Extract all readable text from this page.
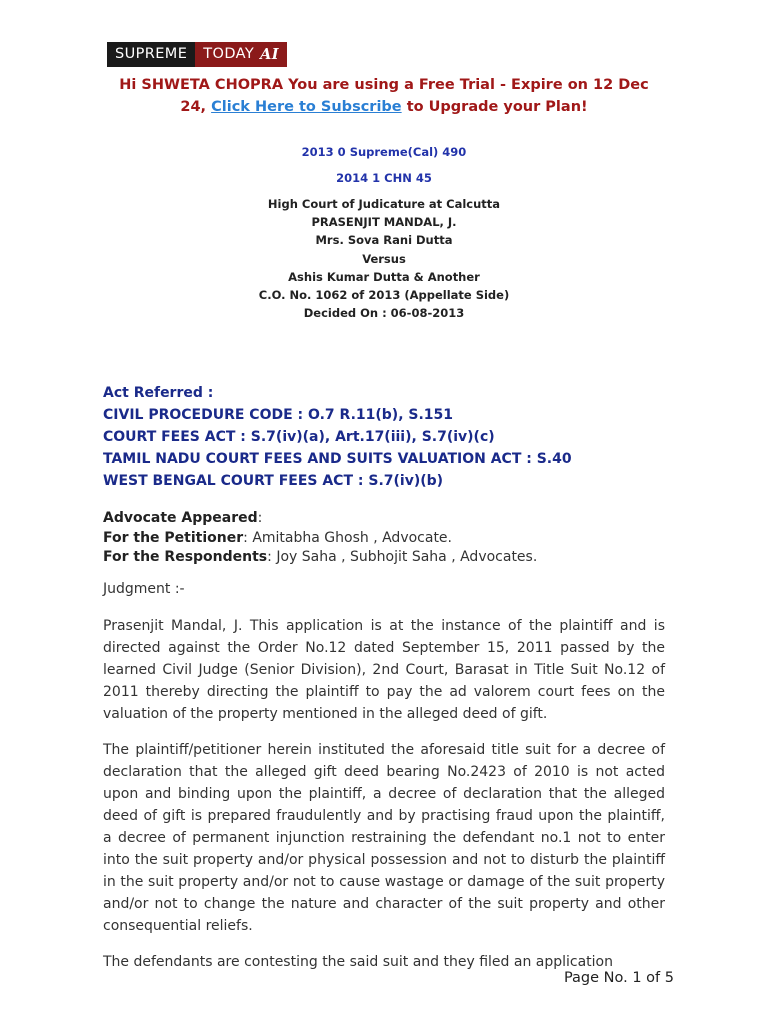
SUPREME	TODAY AI
Hi SHWETA CHOPRA You are using a Free Trial - Expire on 12 Dec
24, Click Here to Subscribe to Upgrade your Plan!
2013 0 Supreme(Cal) 490
2014 1 CHN 45
High Court of Judicature at Calcutta
PRASENJIT MANDAL, J.
Mrs. Sova Rani Dutta
Versus
Ashis Kumar Dutta & Another
C.O. No. 1062 of 2013 (Appellate Side)
Decided On : 06-08-2013
Act Referred :
CIVIL PROCEDURE CODE : O.7 R.11(b), S.151
COURT FEES ACT : S.7(iv)(a), Art.17(iii), S.7(iv)(c)
TAMIL NADU COURT FEES AND SUITS VALUATION ACT : S.40
WEST BENGAL COURT FEES ACT : S.7(iv)(b)
Advocate Appeared:
For the Petitioner: Amitabha Ghosh , Advocate.
For the Respondents: Joy Saha , Subhojit Saha , Advocates.
Judgment :-

Prasenjit Mandal, J. This application is at the instance of the plaintiff and is directed against the Order No.12 dated September 15, 2011 passed by the learned Civil Judge (Senior Division), 2nd Court, Barasat in Title Suit No.12 of 2011 thereby directing the plaintiff to pay the ad valorem court fees on the valuation of the property mentioned in the alleged deed of gift.

The plaintiff/petitioner herein instituted the aforesaid title suit for a decree of declaration that the alleged gift deed bearing No.2423 of 2010 is not acted upon and binding upon the plaintiff, a decree of declaration that the alleged deed of gift is prepared fraudulently and by practising fraud upon the plaintiff, a decree of permanent injunction restraining the defendant no.1 not to enter into the suit property and/or physical possession and not to disturb the plaintiff in the suit property and/or not to cause wastage or damage of the suit property and/or not to change the nature and character of the suit property and other consequential reliefs.

The defendants are contesting the said suit and they filed an application

Page No. 1 of 5
